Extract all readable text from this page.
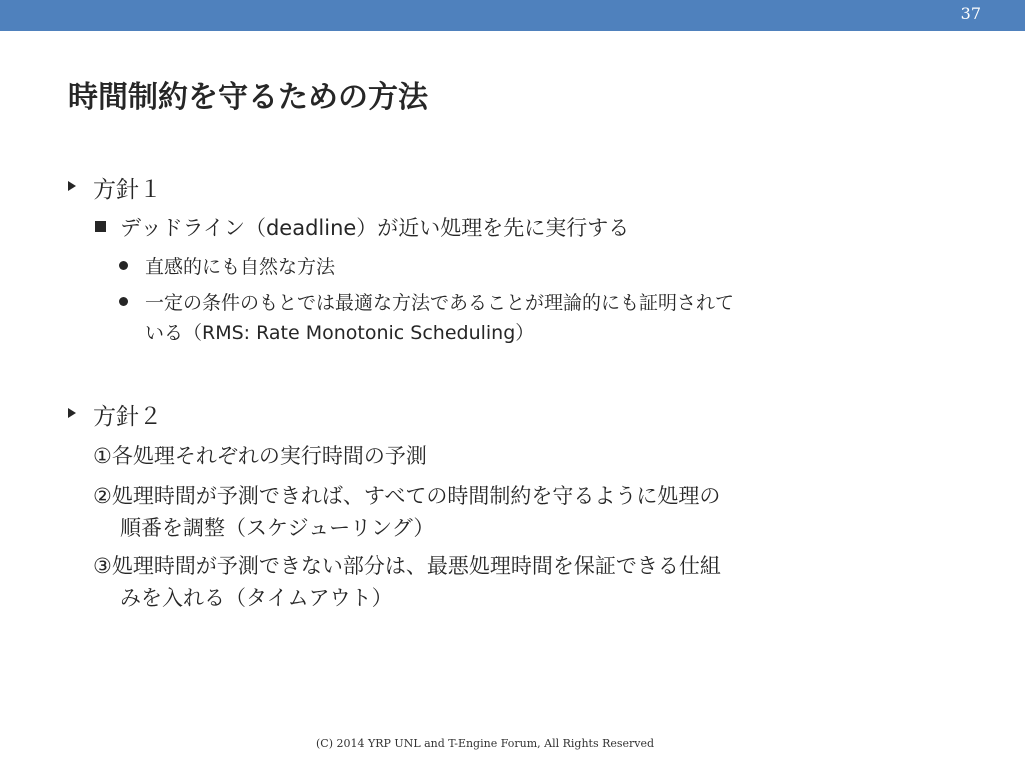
37
時間制約を守るための方法
方針１
デッドライン（deadline）が近い処理を先に実行する
直感的にも自然な方法
一定の条件のもとでは最適な方法であることが理論的にも証明されて
いる（RMS: Rate Monotonic Scheduling）
方針２
①各処理それぞれの実行時間の予測
②処理時間が予測できれば、すべての時間制約を守るように処理の
順番を調整（スケジューリング）
③処理時間が予測できない部分は、最悪処理時間を保証できる仕組
みを入れる（タイムアウト）
(C) 2014 YRP UNL and T-Engine Forum, All Rights Reserved
